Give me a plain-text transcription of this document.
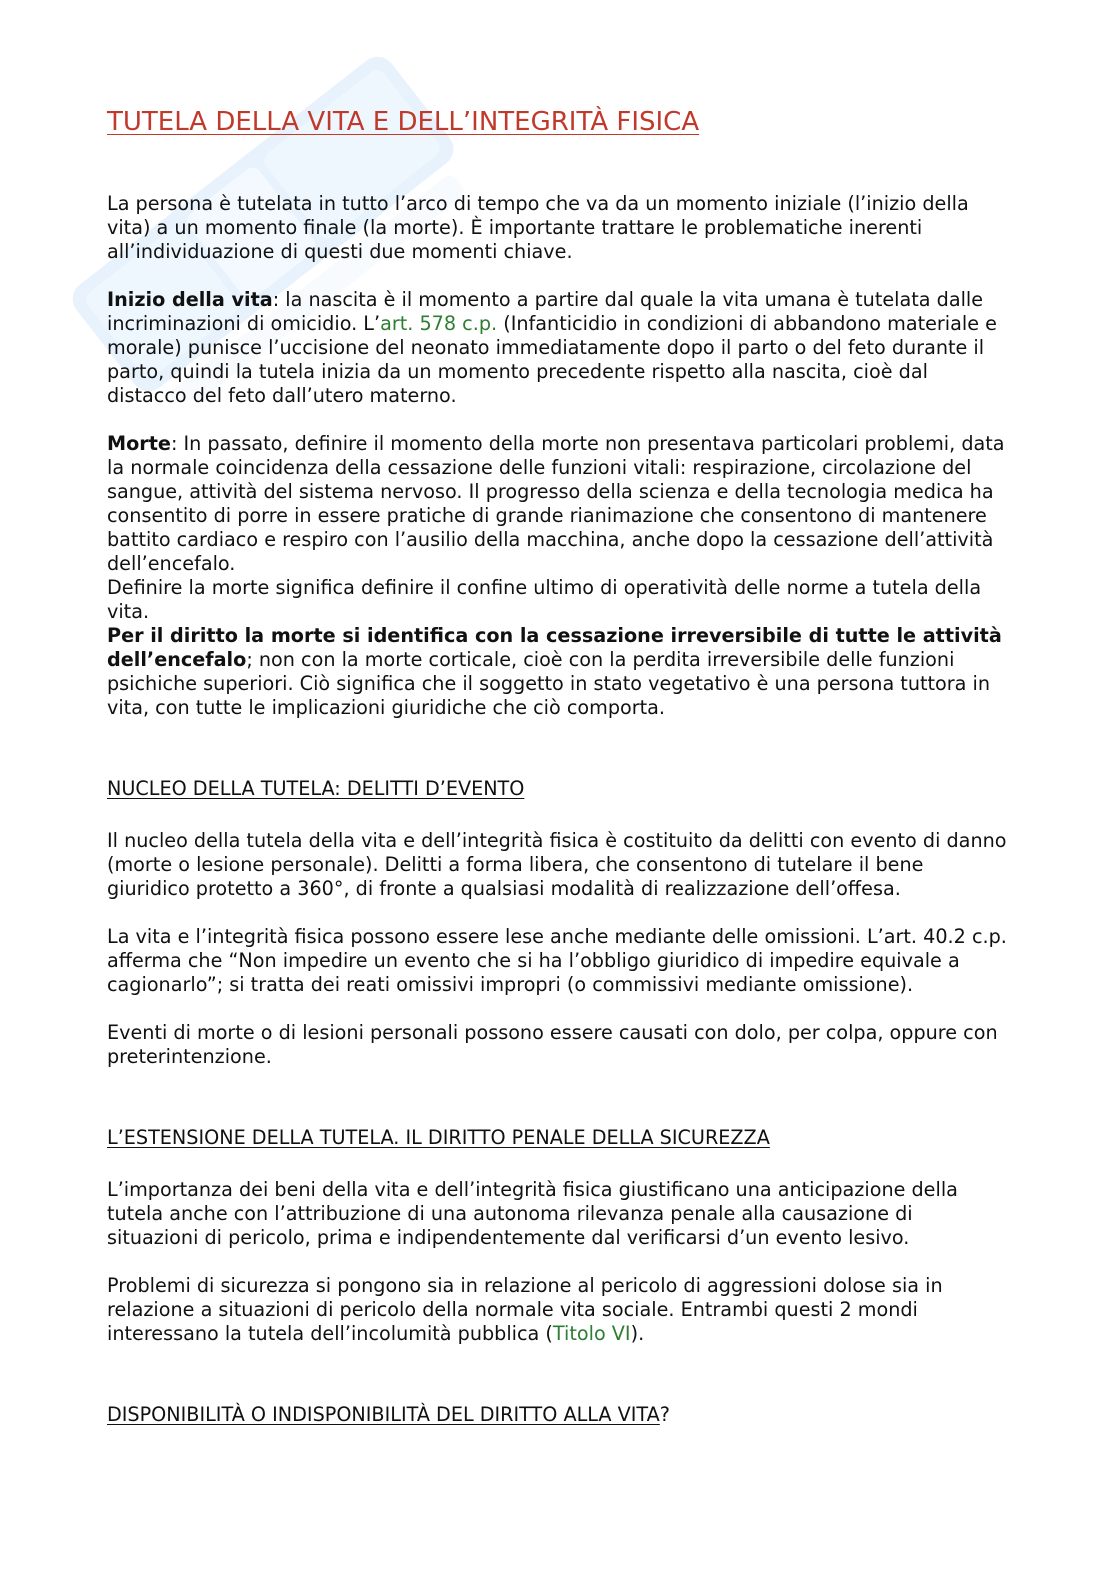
TUTELA DELLA VITA E DELL’INTEGRITÀ FISICA

La persona è tutelata in tutto l’arco di tempo che va da un momento iniziale (l’inizio della vita) a un momento finale (la morte). È importante trattare le problematiche inerenti all’individuazione di questi due momenti chiave.

Inizio della vita: la nascita è il momento a partire dal quale la vita umana è tutelata dalle incriminazioni di omicidio. L’art. 578 c.p. (Infanticidio in condizioni di abbandono materiale e morale) punisce l’uccisione del neonato immediatamente dopo il parto o del feto durante il parto, quindi la tutela inizia da un momento precedente rispetto alla nascita, cioè dal distacco del feto dall’utero materno.

Morte: In passato, definire il momento della morte non presentava particolari problemi, data la normale coincidenza della cessazione delle funzioni vitali: respirazione, circolazione del sangue, attività del sistema nervoso. Il progresso della scienza e della tecnologia medica ha consentito di porre in essere pratiche di grande rianimazione che consentono di mantenere battito cardiaco e respiro con l’ausilio della macchina, anche dopo la cessazione dell’attività dell’encefalo.

Definire la morte significa definire il confine ultimo di operatività delle norme a tutela della vita.

Per il diritto la morte si identifica con la cessazione irreversibile di tutte le attività dell’encefalo; non con la morte corticale, cioè con la perdita irreversibile delle funzioni psichiche superiori. Ciò significa che il soggetto in stato vegetativo è una persona tuttora in vita, con tutte le implicazioni giuridiche che ciò comporta.

NUCLEO DELLA TUTELA: DELITTI D’EVENTO

Il nucleo della tutela della vita e dell’integrità fisica è costituito da delitti con evento di danno (morte o lesione personale). Delitti a forma libera, che consentono di tutelare il bene giuridico protetto a 360°, di fronte a qualsiasi modalità di realizzazione dell’offesa.

La vita e l’integrità fisica possono essere lese anche mediante delle omissioni. L’art. 40.2 c.p. afferma che “Non impedire un evento che si ha l’obbligo giuridico di impedire equivale a cagionarlo”; si tratta dei reati omissivi impropri (o commissivi mediante omissione).

Eventi di morte o di lesioni personali possono essere causati con dolo, per colpa, oppure con preterintenzione.

L’ESTENSIONE DELLA TUTELA. IL DIRITTO PENALE DELLA SICUREZZA

L’importanza dei beni della vita e dell’integrità fisica giustificano una anticipazione della tutela anche con l’attribuzione di una autonoma rilevanza penale alla causazione di situazioni di pericolo, prima e indipendentemente dal verificarsi d’un evento lesivo.

Problemi di sicurezza si pongono sia in relazione al pericolo di aggressioni dolose sia in relazione a situazioni di pericolo della normale vita sociale. Entrambi questi 2 mondi interessano la tutela dell’incolumità pubblica (Titolo VI).

DISPONIBILITÀ O INDISPONIBILITÀ DEL DIRITTO ALLA VITA?
